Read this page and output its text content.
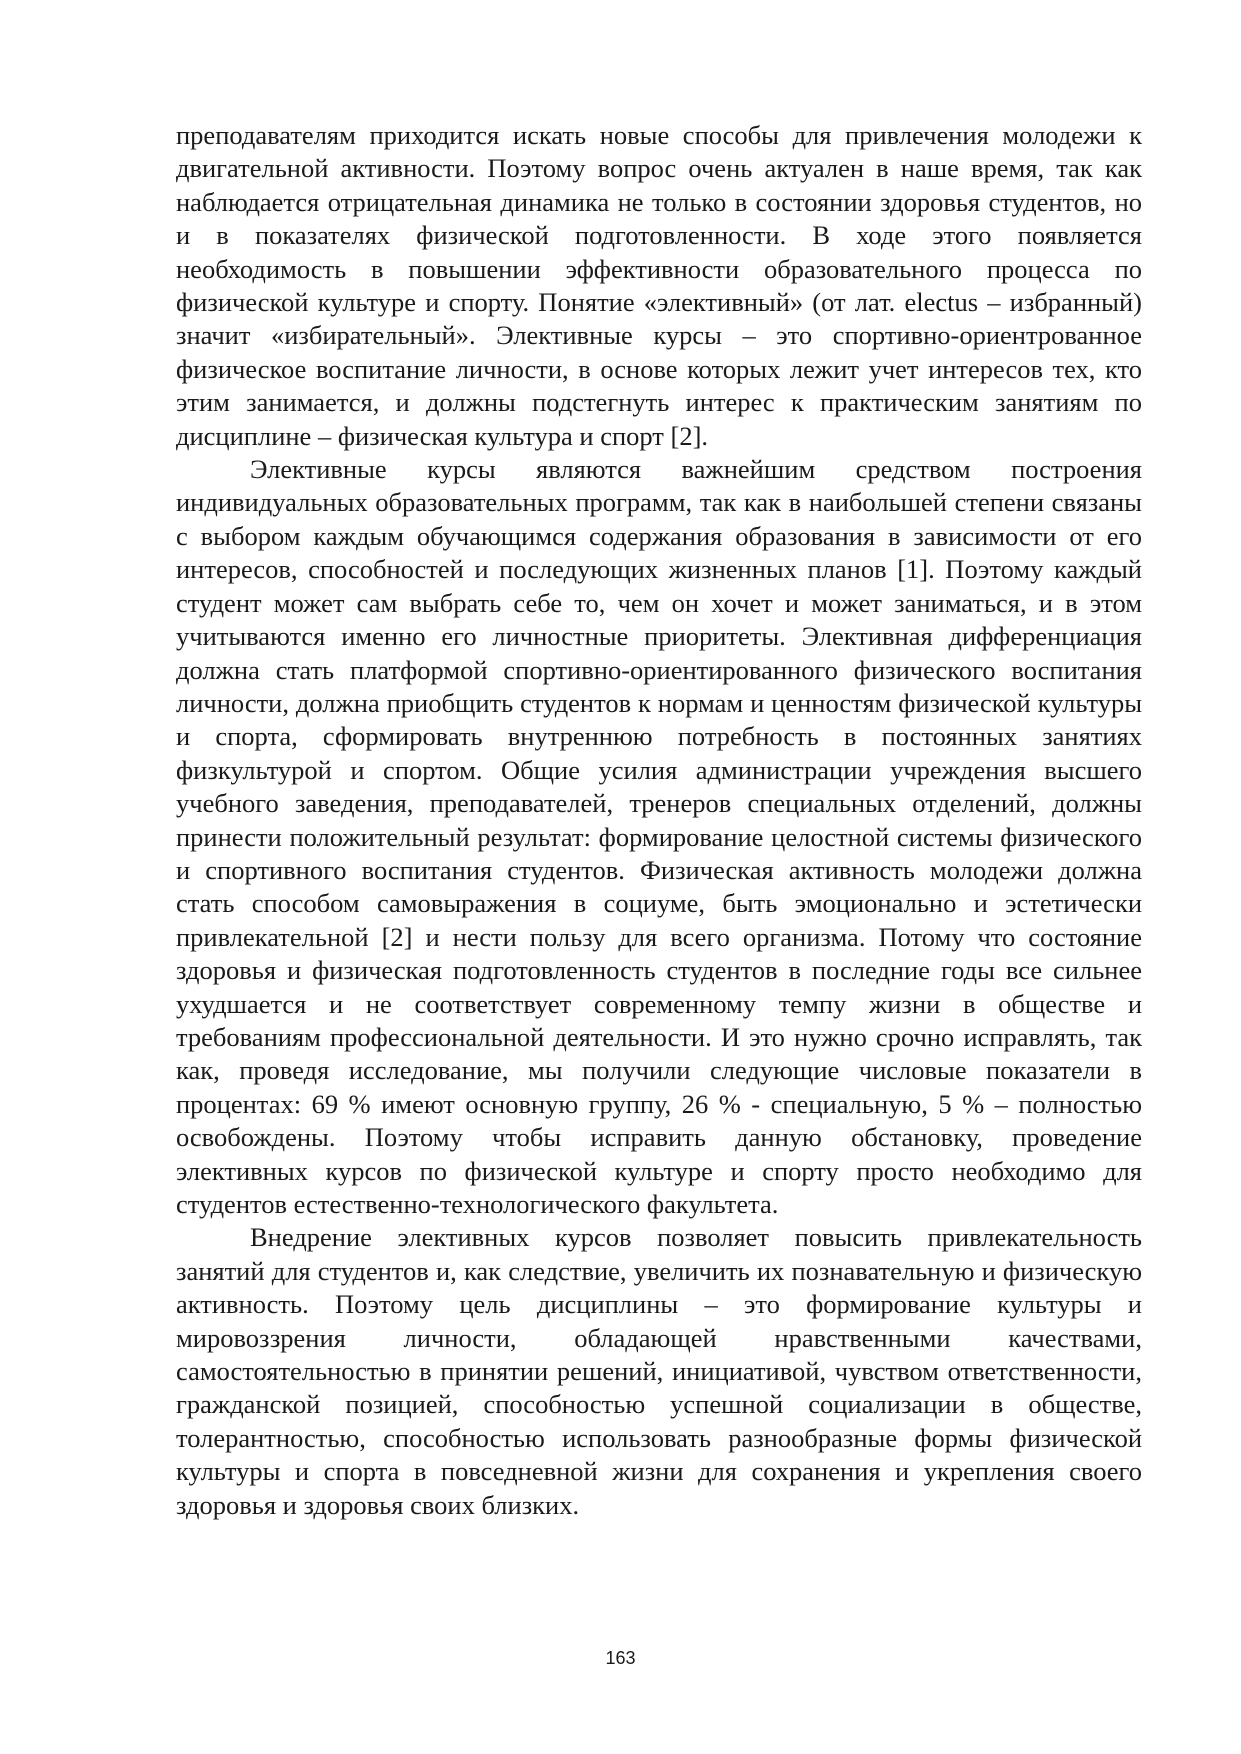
преподавателям приходится искать новые способы для привлечения молодежи к двигательной активности. Поэтому вопрос очень актуален в наше время, так как наблюдается отрицательная динамика не только в состоянии здоровья студентов, но и в показателях физической подготовленности. В ходе этого появляется необходимость в повышении эффективности образовательного процесса по физической культуре и спорту. Понятие «элективный» (от лат. electus – избранный) значит «избирательный». Элективные курсы – это спортивно-ориентрованное физическое воспитание личности, в основе которых лежит учет интересов тех, кто этим занимается, и должны подстегнуть интерес к практическим занятиям по дисциплине – физическая культура и спорт [2].

Элективные курсы являются важнейшим средством построения индивидуальных образовательных программ, так как в наибольшей степени связаны с выбором каждым обучающимся содержания образования в зависимости от его интересов, способностей и последующих жизненных планов [1]. Поэтому каждый студент может сам выбрать себе то, чем он хочет и может заниматься, и в этом учитываются именно его личностные приоритеты. Элективная дифференциация должна стать платформой спортивно-ориентированного физического воспитания личности, должна приобщить студентов к нормам и ценностям физической культуры и спорта, сформировать внутреннюю потребность в постоянных занятиях физкультурой и спортом. Общие усилия администрации учреждения высшего учебного заведения, преподавателей, тренеров специальных отделений, должны принести положительный результат: формирование целостной системы физического и спортивного воспитания студентов. Физическая активность молодежи должна стать способом самовыражения в социуме, быть эмоционально и эстетически привлекательной [2] и нести пользу для всего организма. Потому что состояние здоровья и физическая подготовленность студентов в последние годы все сильнее ухудшается и не соответствует современному темпу жизни в обществе и требованиям профессиональной деятельности. И это нужно срочно исправлять, так как, проведя исследование, мы получили следующие числовые показатели в процентах: 69 % имеют основную группу, 26 % - специальную, 5 % – полностью освобождены. Поэтому чтобы исправить данную обстановку, проведение элективных курсов по физической культуре и спорту просто необходимо для студентов естественно-технологического факультета.

Внедрение элективных курсов позволяет повысить привлекательность занятий для студентов и, как следствие, увеличить их познавательную и физическую активность. Поэтому цель дисциплины – это формирование культуры и мировоззрения личности, обладающей нравственными качествами, самостоятельностью в принятии решений, инициативой, чувством ответственности, гражданской позицией, способностью успешной социализации в обществе, толерантностью, способностью использовать разнообразные формы физической культуры и спорта в повседневной жизни для сохранения и укрепления своего здоровья и здоровья своих близких.

163
